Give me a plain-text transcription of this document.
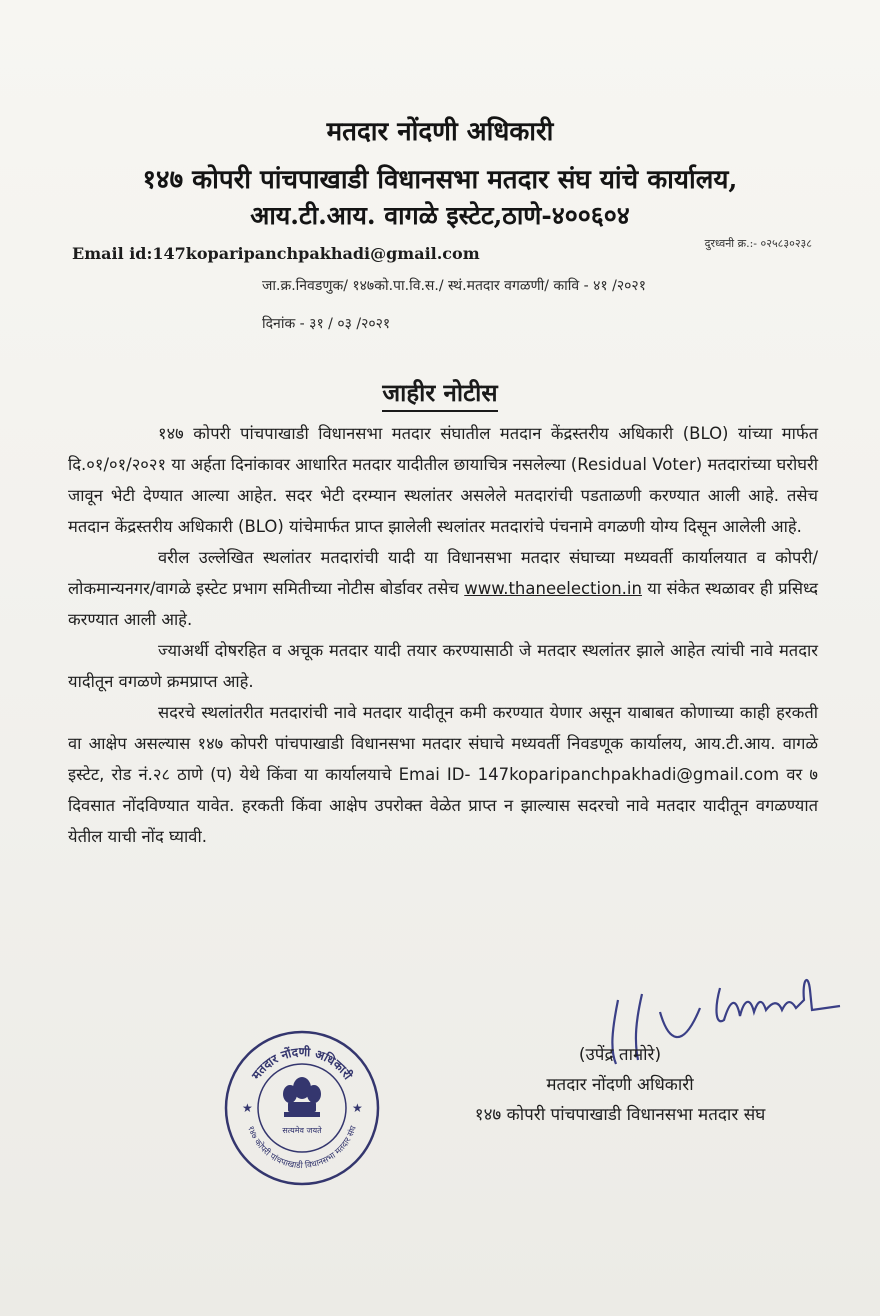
मतदार नोंदणी अधिकारी
१४७ कोपरी पांचपाखाडी विधानसभा मतदार संघ यांचे कार्यालय,
आय.टी.आय. वागळे इस्टेट,ठाणे-४००६०४
Email id:147koparipanchpakhadi@gmail.com
दुरध्वनी क्र.:- ०२५८३०२३८
जा.क्र.निवडणुक/ १४७को.पा.वि.स./ स्थं.मतदार वगळणी/ कावि - ४१ /२०२१
दिनांक - ३१ / ०३ /२०२१
जाहीर नोटीस

१४७ कोपरी पांचपाखाडी विधानसभा मतदार संघातील मतदान केंद्रस्तरीय अधिकारी (BLO) यांच्या मार्फत दि.०१/०१/२०२१ या अर्हता दिनांकावर आधारित मतदार यादीतील छायाचित्र नसलेल्या (Residual Voter) मतदारांच्या घरोघरी जावून भेटी देण्यात आल्या आहेत. सदर भेटी दरम्यान स्थलांतर असलेले मतदारांची पडताळणी करण्यात आली आहे. तसेच मतदान केंद्रस्तरीय अधिकारी (BLO) यांचेमार्फत प्राप्त झालेली स्थलांतर मतदारांचे पंचनामे वगळणी योग्य दिसून आलेली आहे.

वरील उल्लेखित स्थलांतर मतदारांची यादी या विधानसभा मतदार संघाच्या मध्यवर्ती कार्यालयात व कोपरी/लोकमान्यनगर/वागळे इस्टेट प्रभाग समितीच्या नोटीस बोर्डावर तसेच www.thaneelection.in या संकेत स्थळावर ही प्रसिध्द करण्यात आली आहे.

ज्याअर्थी दोषरहित व अचूक मतदार यादी तयार करण्यासाठी जे मतदार स्थलांतर झाले आहेत त्यांची नावे मतदार यादीतून वगळणे क्रमप्राप्त आहे.

सदरचे स्थलांतरीत मतदारांची नावे मतदार यादीतून कमी करण्यात येणार असून याबाबत कोणाच्या काही हरकती वा आक्षेप असल्यास १४७ कोपरी पांचपाखाडी विधानसभा मतदार संघाचे मध्यवर्ती निवडणूक कार्यालय, आय.टी.आय. वागळे इस्टेट, रोड नं.२८ ठाणे (प) येथे किंवा या कार्यालयाचे Emai ID- 147koparipanchpakhadi@gmail.com वर ७ दिवसात नोंदविण्यात यावेत. हरकती किंवा आक्षेप उपरोक्त वेळेत प्राप्त न झाल्यास सदरचो नावे मतदार यादीतून वगळण्यात येतील याची नोंद घ्यावी.

(उपेंद्र तामोरे)
मतदार नोंदणी अधिकारी
१४७ कोपरी पांचपाखाडी विधानसभा मतदार संघ
मतदार नोंदणी अधिकारी
१४७ कोपरी पांचपाखाडी विधानसभा मतदार संघ
★	★
सत्यमेव जयते
